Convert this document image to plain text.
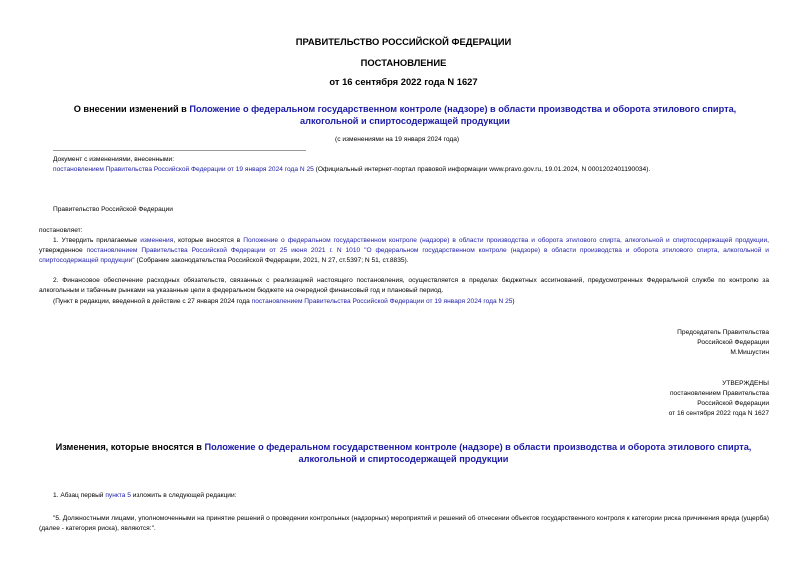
ПРАВИТЕЛЬСТВО РОССИЙСКОЙ ФЕДЕРАЦИИ
ПОСТАНОВЛЕНИЕ
от 16 сентября 2022 года N 1627
О внесении изменений в Положение о федеральном государственном контроле (надзоре) в области производства и оборота этилового спирта, алкогольной и спиртосодержащей продукции
(с изменениями на 19 января 2024 года)
Документ с изменениями, внесенными:
постановлением Правительства Российской Федерации от 19 января 2024 года N 25 (Официальный интернет-портал правовой информации www.pravo.gov.ru, 19.01.2024, N 0001202401190034).
Правительство Российской Федерации
постановляет:
1. Утвердить прилагаемые изменения, которые вносятся в Положение о федеральном государственном контроле (надзоре) в области производства и оборота этилового спирта, алкогольной и спиртосодержащей продукции, утвержденное постановлением Правительства Российской Федерации от 25 июня 2021 г. N 1010 "О федеральном государственном контроле (надзоре) в области производства и оборота этилового спирта, алкогольной и спиртосодержащей продукции" (Собрание законодательства Российской Федерации, 2021, N 27, ст.5397; N 51, ст.8835).
2. Финансовое обеспечение расходных обязательств, связанных с реализацией настоящего постановления, осуществляется в пределах бюджетных ассигнований, предусмотренных Федеральной службе по контролю за алкогольным и табачным рынками на указанные цели в федеральном бюджете на очередной финансовый год и плановый период.
(Пункт в редакции, введенной в действие с 27 января 2024 года постановлением Правительства Российской Федерации от 19 января 2024 года N 25)
Председатель Правительства
Российской Федерации
М.Мишустин
УТВЕРЖДЕНЫ
постановлением Правительства
Российской Федерации
от 16 сентября 2022 года N 1627
Изменения, которые вносятся в Положение о федеральном государственном контроле (надзоре) в области производства и оборота этилового спирта, алкогольной и спиртосодержащей продукции
1. Абзац первый пункта 5 изложить в следующей редакции:
"5. Должностными лицами, уполномоченными на принятие решений о проведении контрольных (надзорных) мероприятий и решений об отнесении объектов государственного контроля к категории риска причинения вреда (ущерба) (далее - категория риска), являются:".
